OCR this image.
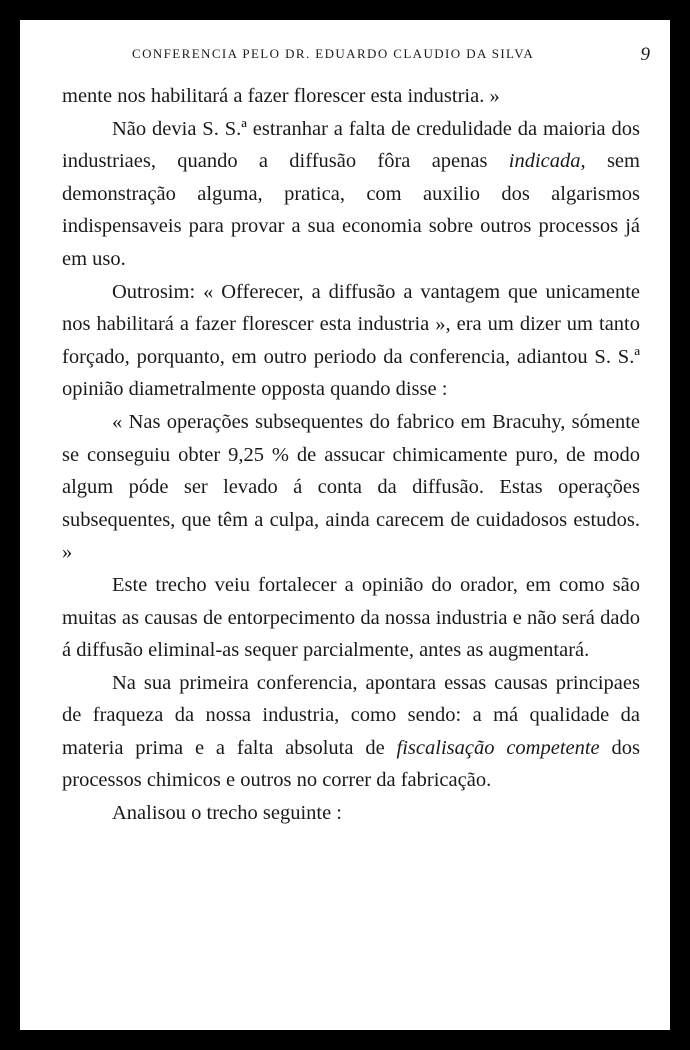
CONFERENCIA PELO DR. EDUARDO CLAUDIO DA SILVA	9

mente nos habilitará a fazer florescer esta industria. »

Não devia S. S.ª estranhar a falta de credulidade da maioria dos industriaes, quando a diffusão fôra apenas indicada, sem demonstração alguma, pratica, com auxilio dos algarismos indispensaveis para provar a sua economia sobre outros processos já em uso.

Outrosim: « Offerecer, a diffusão a vantagem que unicamente nos habilitará a fazer florescer esta industria », era um dizer um tanto forçado, porquanto, em outro periodo da conferencia, adiantou S. S.ª opinião diametralmente opposta quando disse :

« Nas operações subsequentes do fabrico em Bracuhy, sómente se conseguiu obter 9,25 % de assucar chimicamente puro, de modo algum póde ser levado á conta da diffusão. Estas operações subsequentes, que têm a culpa, ainda carecem de cuidadosos estudos. »

Este trecho veiu fortalecer a opinião do orador, em como são muitas as causas de entorpecimento da nossa industria e não será dado á diffusão eliminal-as sequer parcialmente, antes as augmentará.

Na sua primeira conferencia, apontara essas causas principaes de fraqueza da nossa industria, como sendo: a má qualidade da materia prima e a falta absoluta de fiscalisação competente dos processos chimicos e outros no correr da fabricação.

Analisou o trecho seguinte :
